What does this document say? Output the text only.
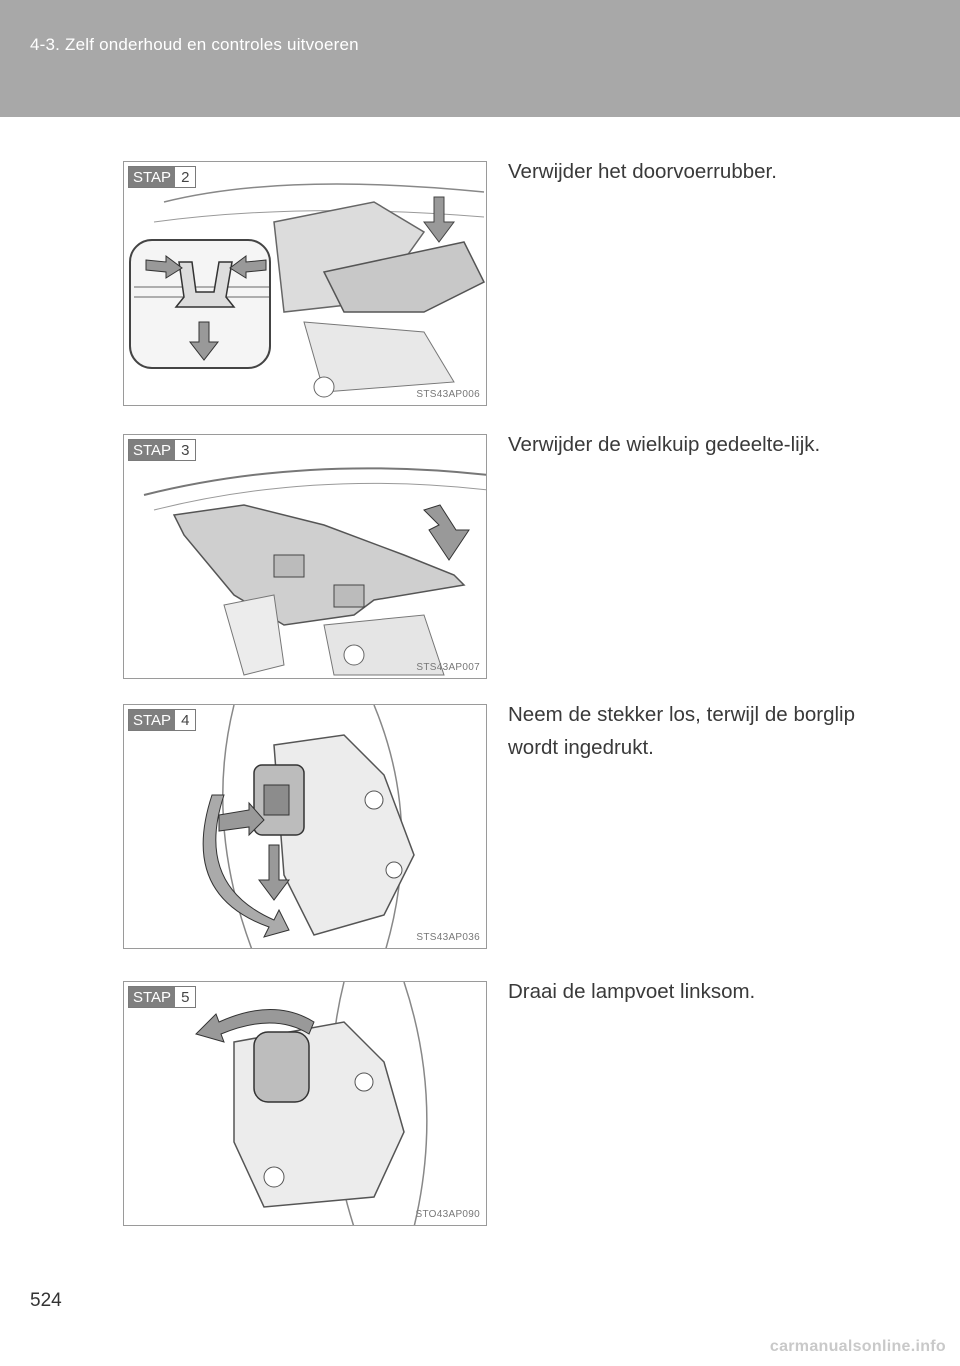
4-3. Zelf onderhoud en controles uitvoeren
STAP 2
STS43AP006
Verwijder het doorvoerrubber.
STAP 3
STS43AP007
Verwijder de wielkuip gedeelte-lijk.
STAP 4
STS43AP036
Neem de stekker los, terwijl de borglip wordt ingedrukt.
STAP 5
STO43AP090
Draai de lampvoet linksom.
524
carmanualsonline.info
